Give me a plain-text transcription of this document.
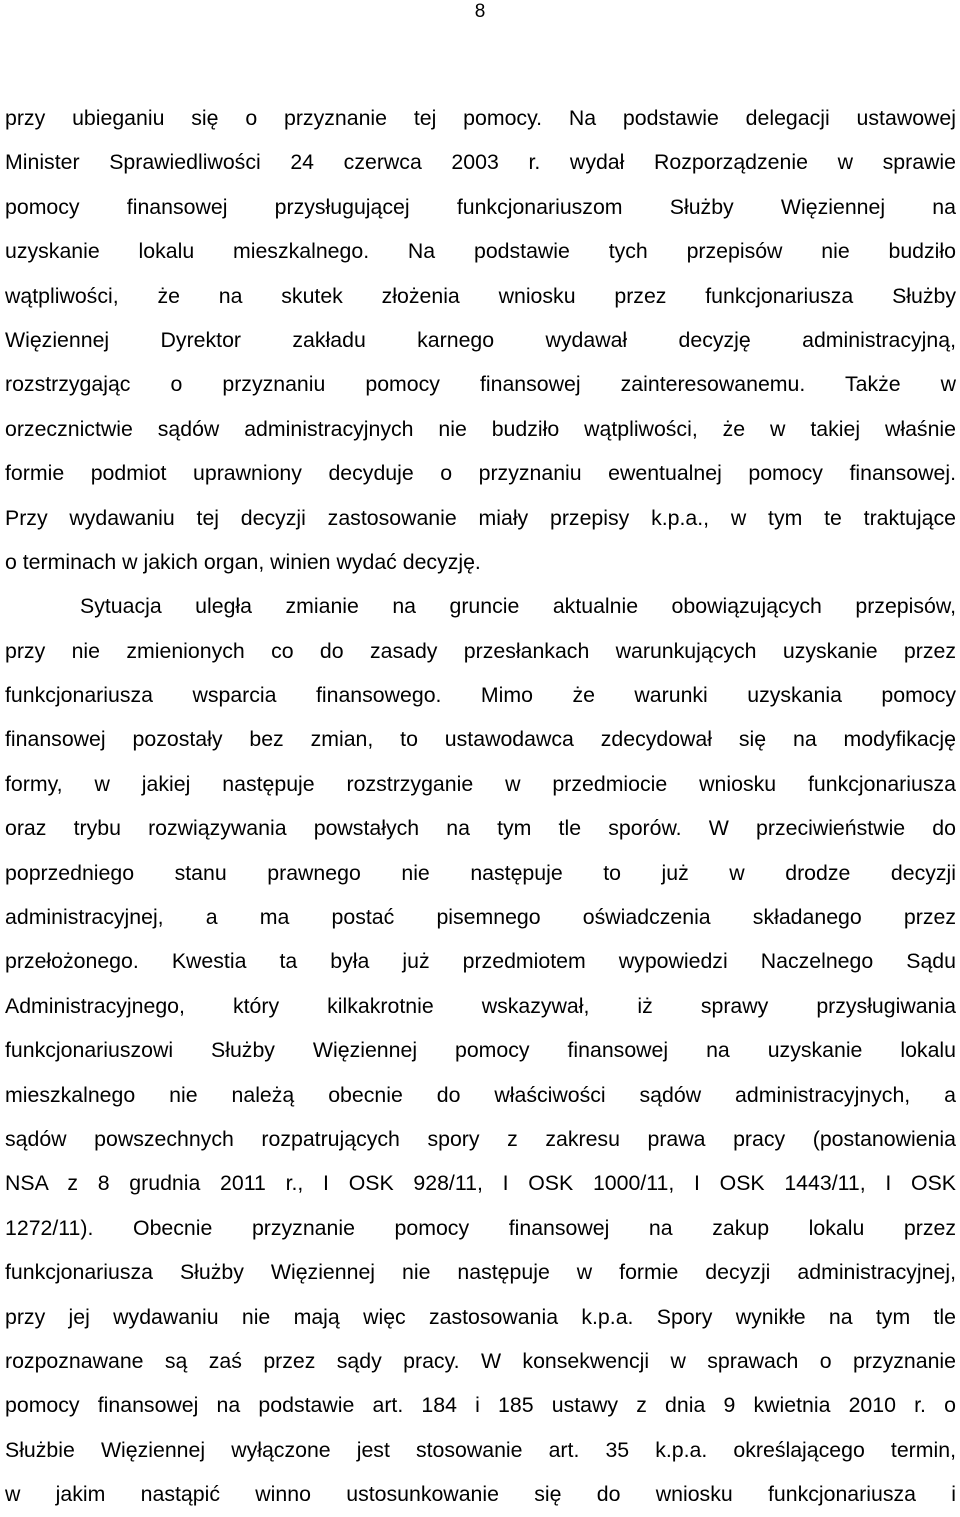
8
przy ubieganiu się o przyznanie tej pomocy. Na podstawie delegacji ustawowej
Minister Sprawiedliwości 24 czerwca 2003 r. wydał Rozporządzenie w sprawie
pomocy finansowej przysługującej funkcjonariuszom Służby Więziennej na
uzyskanie lokalu mieszkalnego. Na podstawie tych przepisów nie budziło
wątpliwości, że na skutek złożenia wniosku przez funkcjonariusza Służby
Więziennej Dyrektor zakładu karnego wydawał decyzję administracyjną,
rozstrzygając o przyznaniu pomocy finansowej zainteresowanemu. Także w
orzecznictwie sądów administracyjnych nie budziło wątpliwości, że w takiej właśnie
formie podmiot uprawniony decyduje o przyznaniu ewentualnej pomocy finansowej.
Przy wydawaniu tej decyzji zastosowanie miały przepisy k.p.a., w tym te traktujące
o terminach w jakich organ, winien wydać decyzję.
Sytuacja uległa zmianie na gruncie aktualnie obowiązujących przepisów,
przy nie zmienionych co do zasady przesłankach warunkujących uzyskanie przez
funkcjonariusza wsparcia finansowego. Mimo że warunki uzyskania pomocy
finansowej pozostały bez zmian, to ustawodawca zdecydował się na modyfikację
formy, w jakiej następuje rozstrzyganie w przedmiocie wniosku funkcjonariusza
oraz trybu rozwiązywania powstałych na tym tle sporów. W przeciwieństwie do
poprzedniego stanu prawnego nie następuje to już w drodze decyzji
administracyjnej, a ma postać pisemnego oświadczenia składanego przez
przełożonego. Kwestia ta była już przedmiotem wypowiedzi Naczelnego Sądu
Administracyjnego, który kilkakrotnie wskazywał, iż sprawy przysługiwania
funkcjonariuszowi Służby Więziennej pomocy finansowej na uzyskanie lokalu
mieszkalnego nie należą obecnie do właściwości sądów administracyjnych, a
sądów powszechnych rozpatrujących spory z zakresu prawa pracy (postanowienia
NSA z 8 grudnia 2011 r., I OSK 928/11, I OSK 1000/11, I OSK 1443/11, I OSK
1272/11). Obecnie przyznanie pomocy finansowej na zakup lokalu przez
funkcjonariusza Służby Więziennej nie następuje w formie decyzji administracyjnej,
przy jej wydawaniu nie mają więc zastosowania k.p.a. Spory wynikłe na tym tle
rozpoznawane są zaś przez sądy pracy. W konsekwencji w sprawach o przyznanie
pomocy finansowej na podstawie art. 184 i 185 ustawy z dnia 9 kwietnia 2010 r. o
Służbie Więziennej wyłączone jest stosowanie art. 35 k.p.a. określającego termin,
w jakim nastąpić winno ustosunkowanie się do wniosku funkcjonariusza i
